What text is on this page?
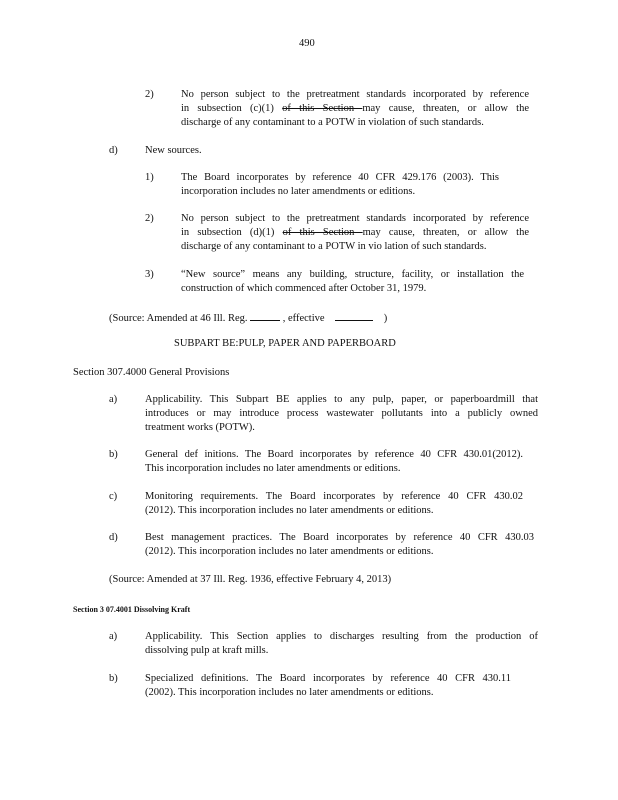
490
2)	No person subject to the pretreatment standards incorporated by reference
in subsection (c)(1) of this Section may cause, threaten, or allow the
discharge of any contaminant to a POTW in violation of such standards.
d)	New sources.
1)	The Board incorporates by reference 40 CFR 429.176 (2003). This
incorporation includes no later amendments or editions.
2)	No person subject to the pretreatment standards incorporated by reference
in subsection (d)(1) of this Section may cause, threaten, or allow the
discharge of any contaminant to a POTW in vio lation of such standards.
3)	“New source” means any building, structure, facility, or installation the
construction of which commenced after October 31, 1979.
(Source: Amended at 46 Ill. Reg.	, effective	)
SUBPART BE:PULP, PAPER AND PAPERBOARD
Section 307.4000 General Provisions
a)	Applicability. This Subpart BE applies to any pulp, paper, or paperboardmill that
introduces or may introduce process wastewater pollutants into a publicly owned
treatment works (POTW).
b)	General def initions. The Board incorporates by reference 40 CFR 430.01(2012).
This incorporation includes no later amendments or editions.
c)	Monitoring requirements. The Board incorporates by reference 40 CFR 430.02
(2012). This incorporation includes no later amendments or editions.
d)	Best management practices. The Board incorporates by reference 40 CFR 430.03
(2012). This incorporation includes no later amendments or editions.
(Source: Amended at 37 Ill. Reg. 1936, effective February 4, 2013)
Section 3 07.4001 Dissolving Kraft
a)	Applicability. This Section applies to discharges resulting from the production of
dissolving pulp at kraft mills.
b)	Specialized definitions. The Board incorporates by reference 40 CFR 430.11
(2002). This incorporation includes no later amendments or editions.
